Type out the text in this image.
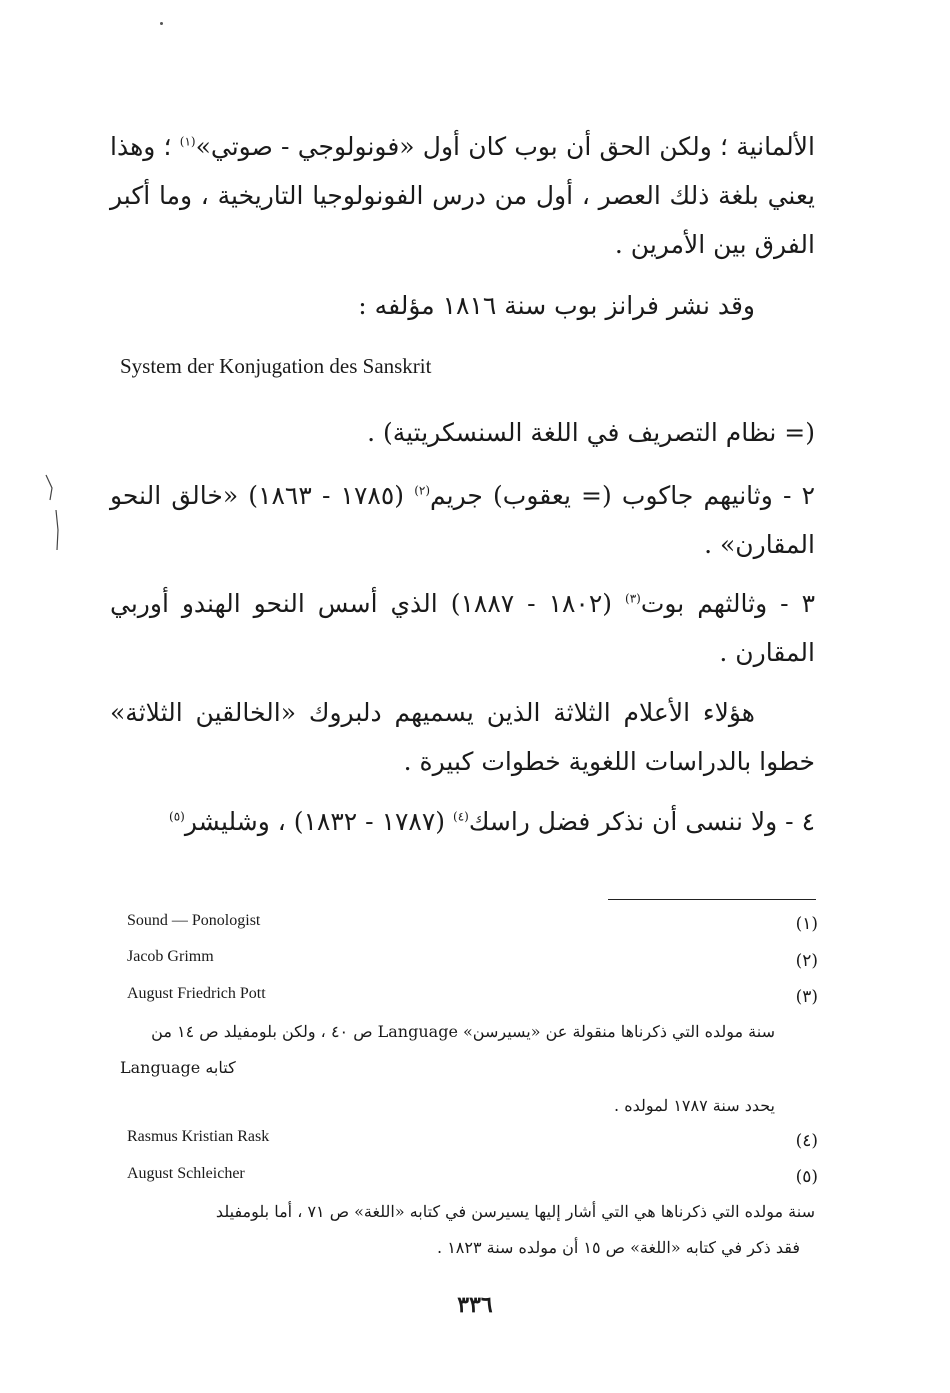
الألمانية ؛ ولكن الحق أن بوب كان أول «فونولوجي - صوتي»$^{(١)}$ ؛ وهذا يعني بلغة ذلك العصر ، أول من درس الفونولوجيا التاريخية ، وما أكبر الفرق بين الأمرين .
وقد نشر فرانز بوب سنة ١٨١٦ مؤلفه :
System der Konjugation des Sanskrit
(= نظام التصريف في اللغة السنسكريتية) .
٢ - وثانيهم جاكوب (= يعقوب) جريم$^{(٢)}$ (١٧٨٥ - ١٨٦٣) «خالق النحو المقارن» .
٣ - وثالثهم بوت$^{(٣)}$ (١٨٠٢ - ١٨٨٧) الذي أسس النحو الهندو أوربي المقارن .
هؤلاء الأعلام الثلاثة الذين يسميهم دلبروك «الخالقين الثلاثة» خطوا بالدراسات اللغوية خطوات كبيرة .
٤ - ولا ننسى أن نذكر فضل راسك$^{(٤)}$ (١٧٨٧ - ١٨٣٢) ، وشليشر$^{(٥)}$
(١)
Sound — Ponologist
(٢)
Jacob Grimm
(٣)
August Friedrich Pott
سنة مولده التي ذكرناها منقولة عن «يسيرسن» Language ص ٤٠ ، ولكن بلومفيلد ص ١٤ من
كتابه Language
يحدد سنة ١٧٨٧ لمولده .
(٤)
Rasmus Kristian Rask
(٥)
August Schleicher
سنة مولده التي ذكرناها هي التي أشار إليها يسيرسن في كتابه «اللغة» ص ٧١ ، أما بلومفيلد
فقد ذكر في كتابه «اللغة» ص ١٥ أن مولده سنة ١٨٢٣ .
٣٣٦
